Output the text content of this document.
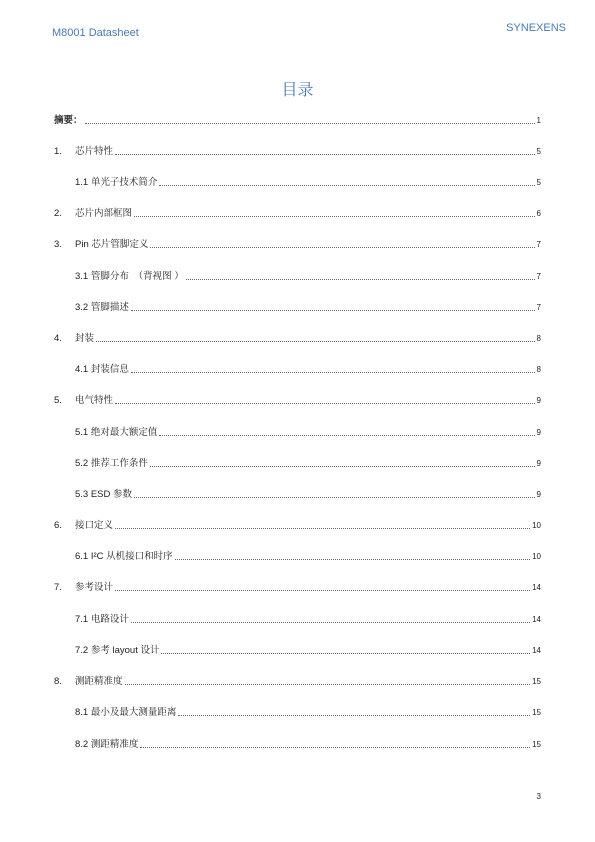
M8001 Datasheet	SYNEXENS
目录
摘要：	1
1.	芯片特性	5
1.1 单光子技术简介	5
2.	芯片内部框图	6
3.	Pin 芯片管脚定义	7
3.1 管脚分布　（背视图 ）	7
3.2 管脚描述	7
4.	封装	8
4.1 封装信息	8
5.	电气特性	9
5.1 绝对最大额定值	9
5.2 推荐工作条件	9
5.3 ESD 参数	9
6.	接口定义	10
6.1 I²C 从机接口和时序	10
7.	参考设计	14
7.1 电路设计	14
7.2 参考 layout 设计	14
8.	测距精准度	15
8.1 最小及最大测量距离	15
8.2 测距精准度	15
3
